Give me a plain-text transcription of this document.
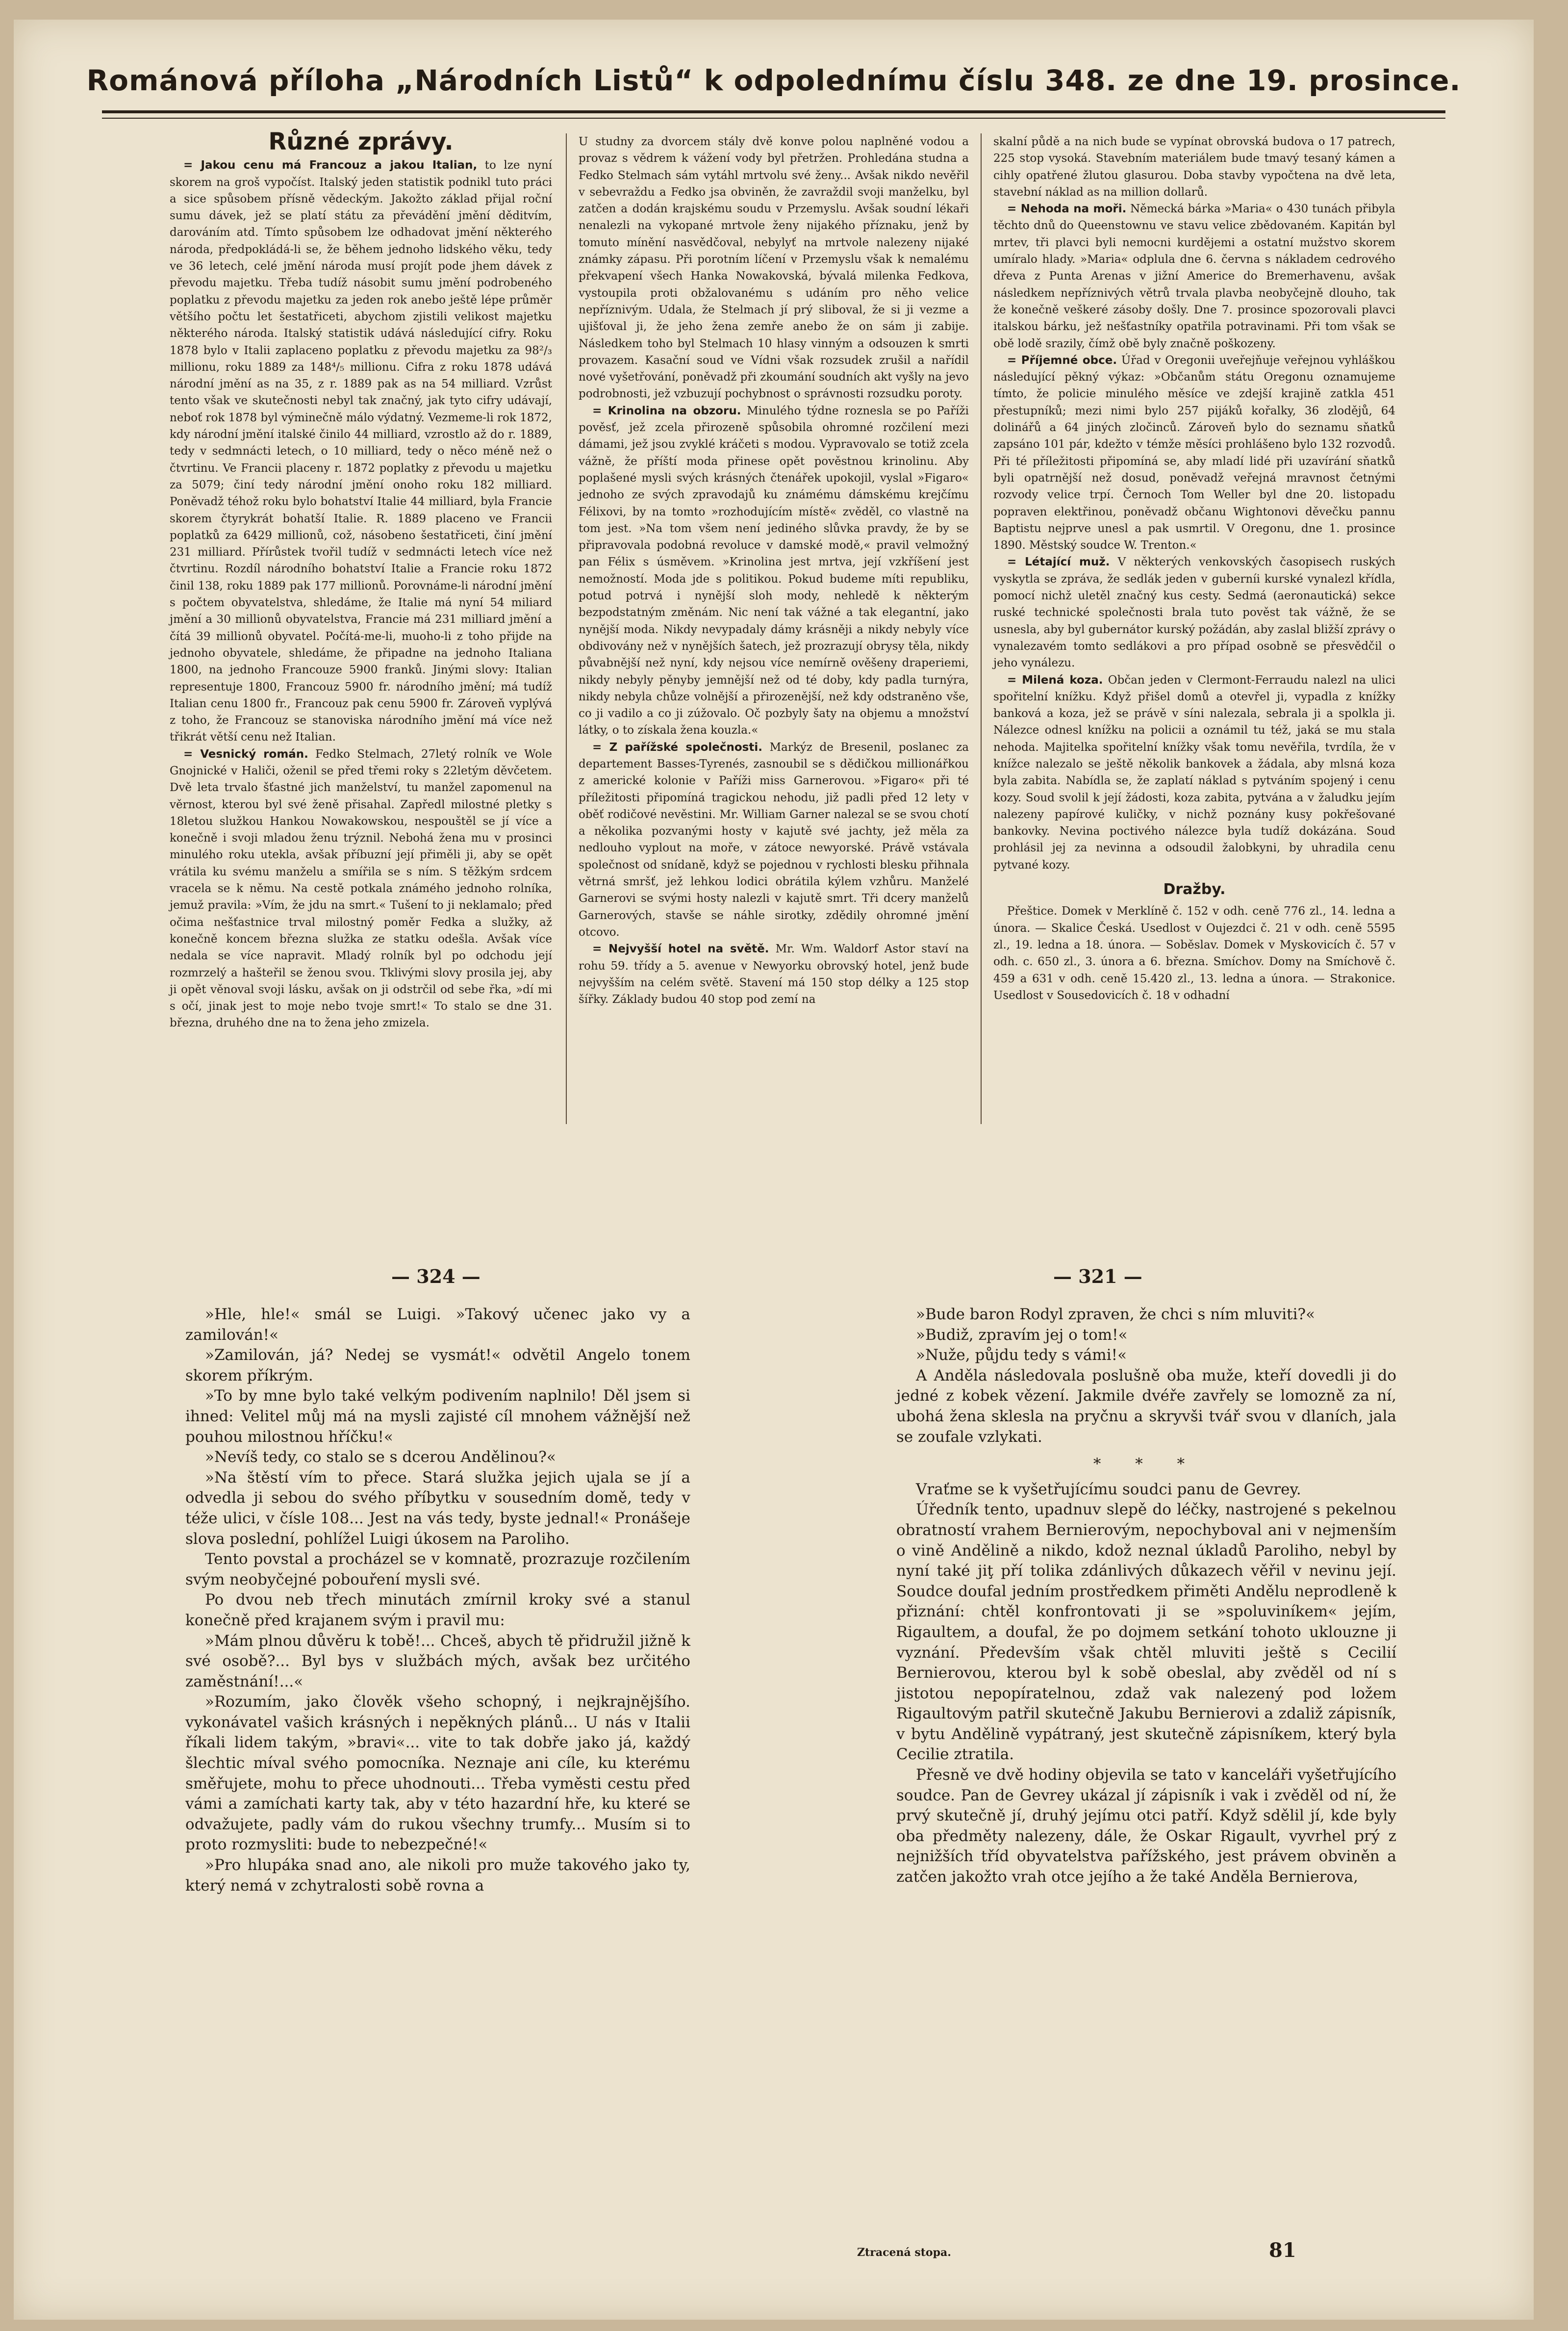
Románová příloha „Národních Listů“ k odpolednímu číslu 348. ze dne 19. prosince.
Různé zprávy.

= Jakou cenu má Francouz a jakou Italian, to lze nyní skorem na groš vypočíst. Italský jeden statistik podnikl tuto práci a sice spůsobem přísně vědeckým. Jakožto základ přijal roční sumu dávek, jež se platí státu za převádění jmění děditvím, darováním atd. Tímto spůsobem lze odhadovat jmění některého národa, předpokládá-li se, že během jednoho lidského věku, tedy ve 36 letech, celé jmění národa musí projít pode jhem dávek z převodu majetku. Třeba tudíž násobit sumu jmění podrobeného poplatku z převodu majetku za jeden rok anebo ještě lépe průměr většího počtu let šestatřiceti, abychom zjistili velikost majetku některého národa. Italský statistik udává následující cifry. Roku 1878 bylo v Italii zaplaceno poplatku z převodu majetku za 98²/₃ millionu, roku 1889 za 148⁴/₅ millionu. Cifra z roku 1878 udává národní jmění as na 35, z r. 1889 pak as na 54 milliard. Vzrůst tento však ve skutečnosti nebyl tak značný, jak tyto cifry udávají, neboť rok 1878 byl výminečně málo výdatný. Vezmeme-li rok 1872, kdy národní jmění italské činilo 44 milliard, vzrostlo až do r. 1889, tedy v sedmnácti letech, o 10 milliard, tedy o něco méně než o čtvrtinu. Ve Francii placeny r. 1872 poplatky z převodu u majetku za 5079; činí tedy národní jmění onoho roku 182 milliard. Poněvadž téhož roku bylo bohatství Italie 44 milliard, byla Francie skorem čtyrykrát bohatší Italie. R. 1889 placeno ve Francii poplatků za 6429 millionů, což, násobeno šestatřiceti, činí jmění 231 milliard. Přírůstek tvořil tudíž v sedmnácti letech více než čtvrtinu. Rozdíl národního bohatství Italie a Francie roku 1872 činil 138, roku 1889 pak 177 millionů. Porovnáme-li národní jmění s počtem obyvatelstva, shledáme, že Italie má nyní 54 miliard jmění a 30 millionů obyvatelstva, Francie má 231 milliard jmění a čítá 39 millionů obyvatel. Počítá-me-li, muoho-li z toho přijde na jednoho obyvatele, shledáme, že připadne na jednoho Italiana 1800, na jednoho Francouze 5900 franků. Jinými slovy: Italian representuje 1800, Francouz 5900 fr. národního jmění; má tudíž Italian cenu 1800 fr., Francouz pak cenu 5900 fr. Zároveň vyplývá z toho, že Francouz se stanoviska národního jmění má více než třikrát větší cenu než Italian.

= Vesnický román. Fedko Stelmach, 27letý rolník ve Wole Gnojnické v Haliči, oženil se před třemi roky s 22letým děvčetem. Dvě leta trvalo šťastné jich manželství, tu manžel zapomenul na věrnost, kterou byl své ženě přisahal. Zapředl milostné pletky s 18letou služkou Hankou Nowakowskou, nespouštěl se jí více a konečně i svoji mladou ženu trýznil. Nebohá žena mu v prosinci minulého roku utekla, avšak příbuzní její přiměli ji, aby se opět vrátila ku svému manželu a smířila se s ním. S těžkým srdcem vracela se k němu. Na cestě potkala známého jednoho rolníka, jemuž pravila: »Vím, že jdu na smrt.« Tušení to ji neklamalo; před očima nešťastnice trval milostný poměr Fedka a služky, až konečně koncem března služka ze statku odešla. Avšak více nedala se více napravit. Mladý rolník byl po odchodu její rozmrzelý a hašteřil se ženou svou. Tklivými slovy prosila jej, aby ji opět věnoval svoji lásku, avšak on ji odstrčil od sebe řka, »dí mi s očí, jinak jest to moje nebo tvoje smrt!« To stalo se dne 31. března, druhého dne na to žena jeho zmizela.

U studny za dvorcem stály dvě konve polou naplněné vodou a provaz s vědrem k vážení vody byl přetržen. Prohledána studna a Fedko Stelmach sám vytáhl mrtvolu své ženy... Avšak nikdo nevěřil v sebevraždu a Fedko jsa obviněn, že zavraždil svoji manželku, byl zatčen a dodán krajskému soudu v Przemyslu. Avšak soudní lékaři nenalezli na vykopané mrtvole ženy nijakého příznaku, jenž by tomuto mínění nasvědčoval, nebylyť na mrtvole nalezeny nijaké známky zápasu. Při porotním líčení v Przemyslu však k nemalému překvapení všech Hanka Nowakovská, bývalá milenka Fedkova, vystoupila proti obžalovanému s udáním pro něho velice nepříznivým. Udala, že Stelmach jí prý sliboval, že si ji vezme a ujišťoval ji, že jeho žena zemře anebo že on sám ji zabije. Následkem toho byl Stelmach 10 hlasy vinným a odsouzen k smrti provazem. Kasační soud ve Vídni však rozsudek zrušil a nařídil nové vyšetřování, poněvadž při zkoumání soudních akt vyšly na jevo podrobnosti, jež vzbuzují pochybnost o správnosti rozsudku poroty.

= Krinolina na obzoru. Minulého týdne roznesla se po Paříži pověsť, jež zcela přirozeně spůsobila ohromné rozčilení mezi dámami, jež jsou zvyklé kráčeti s modou. Vypravovalo se totiž zcela vážně, že příští moda přinese opět pověstnou krinolinu. Aby poplašené mysli svých krásných čtenářek upokojil, vyslal »Figaro« jednoho ze svých zpravodajů ku známému dámskému krejčímu Félixovi, by na tomto »rozhodujícím místě« zvěděl, co vlastně na tom jest. »Na tom všem není jediného slůvka pravdy, že by se připravovala podobná revoluce v damské modě,« pravil velmožný pan Félix s úsměvem. »Krinolina jest mrtva, její vzkříšení jest nemožností. Moda jde s politikou. Pokud budeme míti republiku, potud potrvá i nynější sloh mody, nehledě k některým bezpodstatným změnám. Nic není tak vážné a tak elegantní, jako nynější moda. Nikdy nevypadaly dámy krásněji a nikdy nebyly více obdivovány než v nynějších šatech, jež prozrazují obrysy těla, nikdy půvabnější než nyní, kdy nejsou více nemírně ověšeny draperiemi, nikdy nebyly pěnyby jemnější než od té doby, kdy padla turnýra, nikdy nebyla chůze volnější a přirozenější, než kdy odstraněno vše, co ji vadilo a co ji zúžovalo. Oč pozbyly šaty na objemu a množství látky, o to získala žena kouzla.«

= Z pařížské společnosti. Markýz de Bresenil, poslanec za departement Basses-Tyrenés, zasnoubil se s dědičkou millionářkou z americké kolonie v Paříži miss Garnerovou. »Figaro« při té příležitosti připomíná tragickou nehodu, již padli před 12 lety v oběť rodičové nevěstini. Mr. William Garner nalezal se se svou chotí a několika pozvanými hosty v kajutě své jachty, jež měla za nedlouho vyplout na moře, v zátoce newyorské. Právě vstávala společnost od snídaně, když se pojednou v rychlosti blesku přihnala větrná smršť, jež lehkou lodici obrátila kýlem vzhůru. Manželé Garnerovi se svými hosty nalezli v kajutě smrt. Tři dcery manželů Garnerových, stavše se náhle sirotky, zdědily ohromné jmění otcovo.

= Nejvyšší hotel na světě. Mr. Wm. Waldorf Astor staví na rohu 59. třídy a 5. avenue v Newyorku obrovský hotel, jenž bude nejvyšším na celém světě. Stavení má 150 stop délky a 125 stop šířky. Základy budou 40 stop pod zemí na

skalní půdě a na nich bude se vypínat obrovská budova o 17 patrech, 225 stop vysoká. Stavebním materiálem bude tmavý tesaný kámen a cihly opatřené žlutou glasurou. Doba stavby vypočtena na dvě leta, stavební náklad as na million dollarů.

= Nehoda na moři. Německá bárka »Maria« o 430 tunách přibyla těchto dnů do Queenstownu ve stavu velice zbědovaném. Kapitán byl mrtev, tři plavci byli nemocni kurdějemi a ostatní mužstvo skorem umíralo hlady. »Maria« odplula dne 6. června s nákladem cedrového dřeva z Punta Arenas v jižní Americe do Bremerhavenu, avšak následkem nepříznivých větrů trvala plavba neobyčejně dlouho, tak že konečně veškeré zásoby došly. Dne 7. prosince spozorovali plavci italskou bárku, jež nešťastníky opatřila potravinami. Při tom však se obě lodě srazily, čímž obě byly značně poškozeny.

= Příjemné obce. Úřad v Oregonii uveřejňuje veřejnou vyhláškou následující pěkný výkaz: »Občanům státu Oregonu oznamujeme tímto, že policie minulého měsíce ve zdejší krajině zatkla 451 přestupníků; mezi nimi bylo 257 pijáků kořalky, 36 zlodějů, 64 dolinářů a 64 jiných zločinců. Zároveň bylo do seznamu sňatků zapsáno 101 pár, kdežto v témže měsíci prohlášeno bylo 132 rozvodů. Při té příležitosti připomíná se, aby mladí lidé při uzavírání sňatků byli opatrnější než dosud, poněvadž veřejná mravnost četnými rozvody velice trpí. Černoch Tom Weller byl dne 20. listopadu popraven elektřinou, poněvadž občanu Wightonovi děvečku pannu Baptistu nejprve unesl a pak usmrtil. V Oregonu, dne 1. prosince 1890. Městský soudce W. Trenton.«

= Létající muž. V některých venkovských časopisech ruských vyskytla se zpráva, že sedlák jeden v guberníi kurské vynalezl křídla, pomocí nichž uletěl značný kus cesty. Sedmá (aeronautická) sekce ruské technické společnosti brala tuto pověst tak vážně, že se usnesla, aby byl gubernátor kurský požádán, aby zaslal bližší zprávy o vynalezavém tomto sedlákovi a pro případ osobně se přesvědčil o jeho vynálezu.

= Milená koza. Občan jeden v Clermont-Ferraudu nalezl na ulici spořitelní knížku. Když přišel domů a otevřel ji, vypadla z knížky banková a koza, jež se právě v síni nalezala, sebrala ji a spolkla ji. Nálezce odnesl knížku na policii a oznámil tu též, jaká se mu stala nehoda. Majitelka spořitelní knížky však tomu nevěřila, tvrdíla, že v knížce nalezalo se ještě několik bankovek a žádala, aby mlsná koza byla zabita. Nabídla se, že zaplatí náklad s pytváním spojený i cenu kozy. Soud svolil k její žádosti, koza zabita, pytvána a v žaludku jejím nalezeny papírové kuličky, v nichž poznány kusy pokřešované bankovky. Nevina poctivého nálezce byla tudíž dokázána. Soud prohlásil jej za nevinna a odsoudil žalobkyni, by uhradila cenu pytvané kozy.

Dražby.

Přeštice. Domek v Merklíně č. 152 v odh. ceně 776 zl., 14. ledna a února. — Skalice Česká. Usedlost v Oujezdci č. 21 v odh. ceně 5595 zl., 19. ledna a 18. února. — Soběslav. Domek v Myskovicích č. 57 v odh. c. 650 zl., 3. února a 6. března. Smíchov. Domy na Smíchově č. 459 a 631 v odh. ceně 15.420 zl., 13. ledna a února. — Strakonice. Usedlost v Sousedovicích č. 18 v odhadní

— 324 —	— 321 —

»Hle, hle!« smál se Luigi. »Takový učenec jako vy a zamilován!«

»Zamilován, já? Nedej se vysmát!« odvětil Angelo tonem skorem příkrým.

»To by mne bylo také velkým podivením naplnilo! Děl jsem si ihned: Velitel můj má na mysli zajisté cíl mnohem vážnější než pouhou milostnou hříčku!«

»Nevíš tedy, co stalo se s dcerou Andělinou?«

»Na štěstí vím to přece. Stará služka jejich ujala se jí a odvedla ji sebou do svého příbytku v sousedním domě, tedy v téže ulici, v čísle 108... Jest na vás tedy, byste jednal!« Pronášeje slova poslední, pohlížel Luigi úkosem na Paroliho.

Tento povstal a procházel se v komnatě, prozrazuje rozčilením svým neobyčejné pobouření mysli své.

Po dvou neb třech minutách zmírnil kroky své a stanul konečně před krajanem svým i pravil mu:

»Mám plnou důvěru k tobě!... Chceš, abych tě přidružil jižně k své osobě?... Byl bys v službách mých, avšak bez určitého zaměstnání!...«

»Rozumím, jako člověk všeho schopný, i nejkrajnějšího. vykonávatel vašich krásných i nepěkných plánů... U nás v Italii říkali lidem takým, »bravi«... vite to tak dobře jako já, každý šlechtic míval svého pomocníka. Neznaje ani cíle, ku kterému směřujete, mohu to přece uhodnouti... Třeba vyměsti cestu před vámi a zamíchati karty tak, aby v této hazardní hře, ku které se odvažujete, padly vám do rukou všechny trumfy... Musím si to proto rozmysliti: bude to nebezpečné!«

»Pro hlupáka snad ano, ale nikoli pro muže takového jako ty, který nemá v zchytralosti sobě rovna a

»Bude baron Rodyl zpraven, že chci s ním mluviti?«

»Budiž, zpravím jej o tom!«

»Nuže, půjdu tedy s vámi!«

A Anděla následovala poslušně oba muže, kteří dovedli ji do jedné z kobek vězení. Jakmile dvéře zavřely se lomozně za ní, ubohá žena sklesla na pryčnu a skryvši tvář svou v dlaních, jala se zoufale vzlykati.

* * *

Vraťme se k vyšetřujícímu soudci panu de Gevrey.

Úředník tento, upadnuv slepě do léčky, nastrojené s pekelnou obratností vrahem Bernierovým, nepochyboval ani v nejmenším o vině Andělině a nikdo, kdož neznal úkladů Paroliho, nebyl by nyní také jiţ pří tolika zdánlivých důkazech věřil v nevinu její. Soudce doufal jedním prostředkem přiměti Andělu neprodleně k přiznání: chtěl konfrontovati ji se »spoluviníkem« jejím, Rigaultem, a doufal, že po dojmem setkání tohoto uklouzne ji vyznání. Především však chtěl mluviti ještě s Cecilií Bernierovou, kterou byl k sobě obeslal, aby zvěděl od ní s jistotou nepopíratelnou, zdaž vak nalezený pod ložem Rigaultovým patřil skutečně Jakubu Bernierovi a zdaliž zápisník, v bytu Andělině vypátraný, jest skutečně zápisníkem, který byla Cecilie ztratila.

Přesně ve dvě hodiny objevila se tato v kanceláři vyšetřujícího soudce. Pan de Gevrey ukázal jí zápisník i vak i zvěděl od ní, že prvý skutečně jí, druhý jejímu otci patří. Když sdělil jí, kde byly oba předměty nalezeny, dále, že Oskar Rigault, vyvrhel prý z nejnižších tříd obyvatelstva pařížského, jest právem obviněn a zatčen jakožto vrah otce jejího a že také Anděla Bernierova,

Ztracená stopa.	81
